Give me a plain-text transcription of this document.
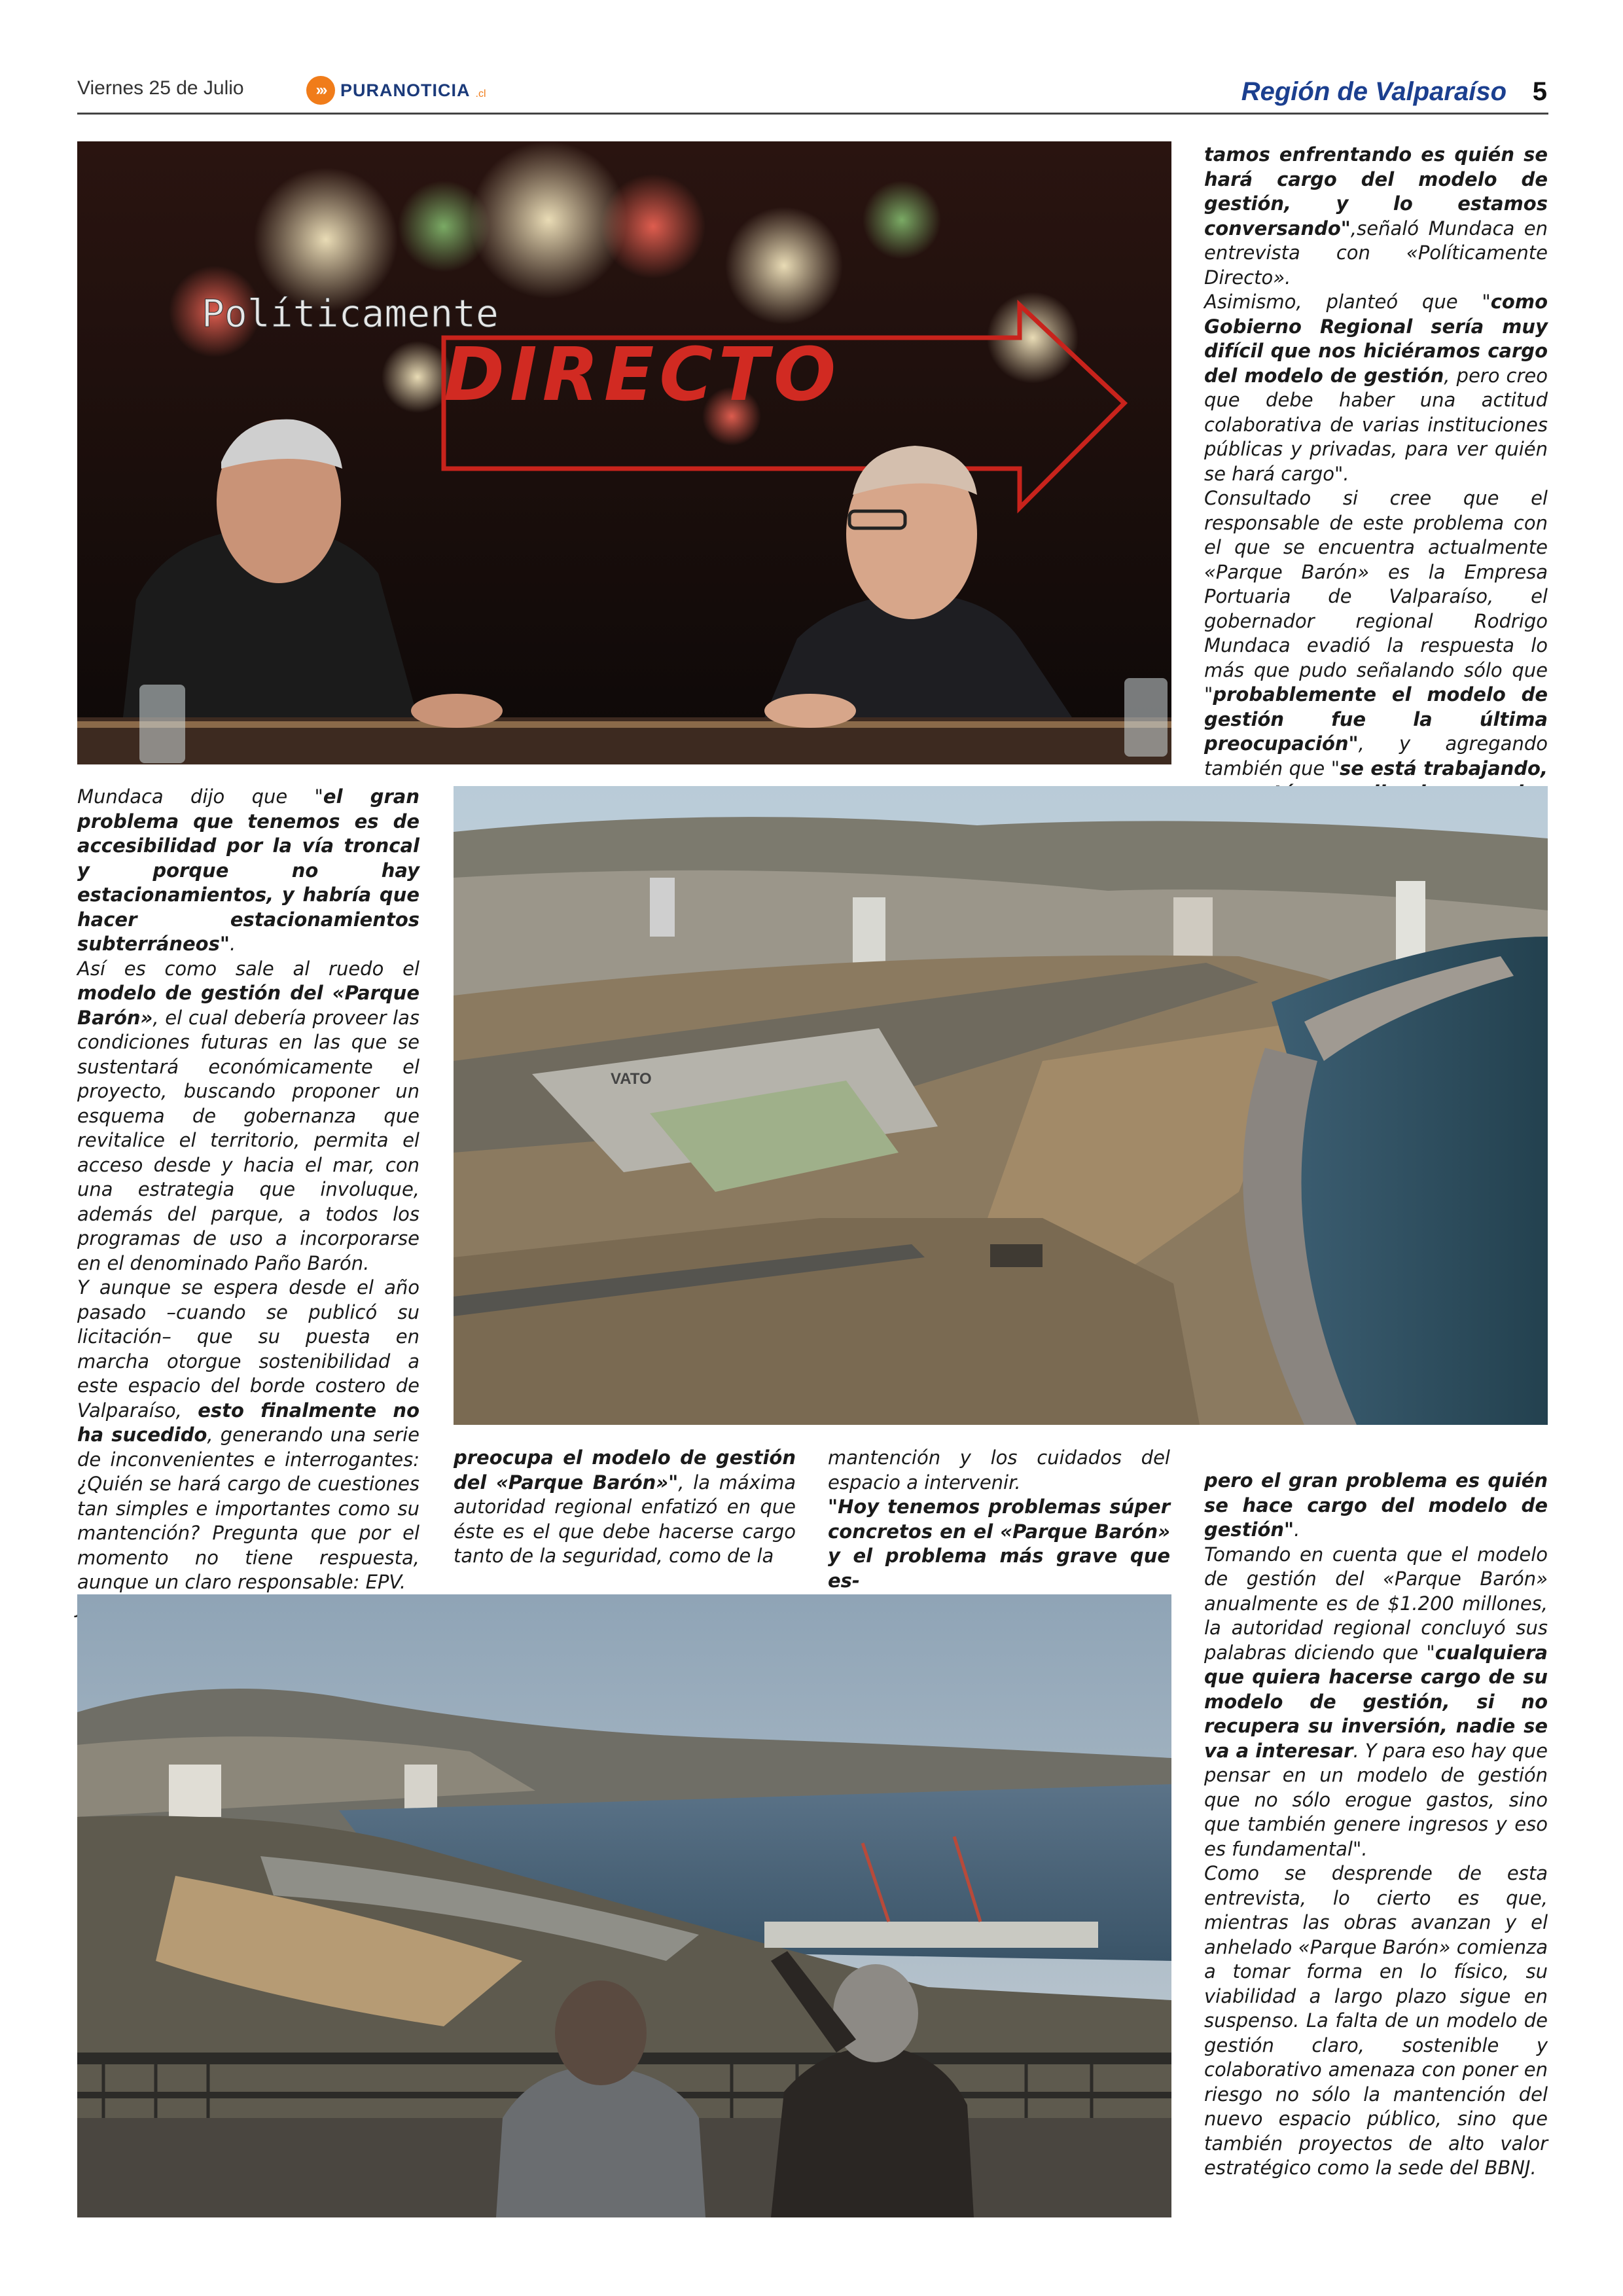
Viernes 25 de Julio	››› PURANOTICIA .cl	Región de Valparaíso 5
Políticamente
DIRECTO

tamos enfrentando es quién se hará cargo del modelo de gestión, y lo estamos conversando",señaló Mundaca en entrevista con «Políticamente Directo».

Asimismo, planteó que "como Gobierno Regional sería muy difícil que nos hiciéramos cargo del modelo de gestión, pero creo que debe haber una actitud colaborativa de varias instituciones públicas y privadas, para ver quién se hará cargo".

Consultado si cree que el responsable de este problema con el que se encuentra actualmente «Parque Barón» es la Empresa Portuaria de Valparaíso, el gobernador regional Rodrigo Mundaca evadió la respuesta lo más que pudo señalando sólo que "probablemente el modelo de gestión fue la última preocupación", y agregando también que "se está trabajando,

VATO

Mundaca dijo que "el gran problema que tenemos es de accesibilidad por la vía troncal y porque no hay estacionamientos, y habría que hacer estacionamientos subterráneos".

Así es como sale al ruedo el modelo de gestión del «Parque Barón», el cual debería proveer las condiciones futuras en las que se sustentará económicamente el proyecto, buscando proponer un esquema de gobernanza que revitalice el territorio, permita el acceso desde y hacia el mar, con una estrategia que involuque, además del parque, a todos los programas de uso a incorporarse en el denominado Paño Barón.

Y aunque se espera desde el año pasado –cuando se publicó su licitación– que su puesta en marcha otorgue sostenibilidad a este espacio del borde costero de Valparaíso, esto finalmente no ha sucedido, generando una serie de inconvenientes e interrogantes: ¿Quién se hará cargo de cuestiones tan simples e importantes como su mantención? Pregunta que por el momento no tiene respuesta, aunque un claro responsable: EPV.

preocupa el modelo de gestión del «Parque Barón»", la máxima autoridad regional enfatizó en que éste es el que debe hacerse cargo tanto de la seguridad, como de la

mantención y los cuidados del espacio a intervenir.

"Hoy tenemos problemas súper concretos en el «Parque Barón» y el problema más grave que es-

pero el gran problema es quién se hace cargo del modelo de gestión".

Tomando en cuenta que el modelo de gestión del «Parque Barón» anualmente es de $1.200 millones, la autoridad regional concluyó sus palabras diciendo que "cualquiera que quiera hacerse cargo de su modelo de gestión, si no recupera su inversión, nadie se va a interesar. Y para eso hay que pensar en un modelo de gestión que no sólo erogue gastos, sino que también genere ingresos y eso es fundamental".

Como se desprende de esta entrevista, lo cierto es que, mientras las obras avanzan y el anhelado «Parque Barón» comienza a tomar forma en lo físico, su viabilidad a largo plazo sigue en suspenso. La falta de un modelo de gestión claro, sostenible y colaborativo amenaza con poner en riesgo no sólo la mantención del nuevo espacio público, sino que también proyectos de alto valor estratégico como la sede del BBNJ.
